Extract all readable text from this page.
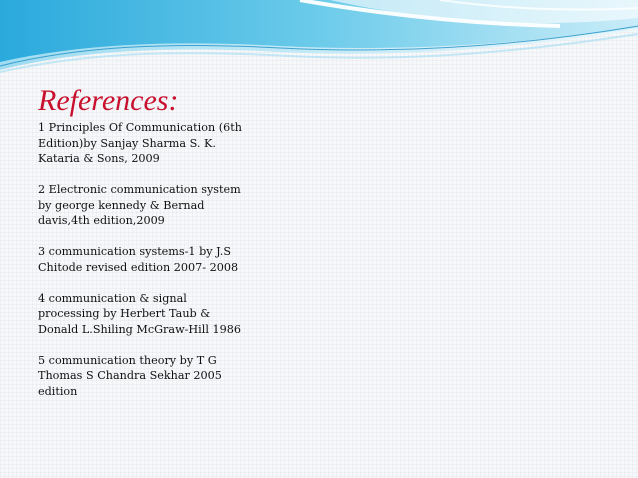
References:
1 Principles Of Communication (6th
Edition)by Sanjay Sharma S. K.
Kataria & Sons, 2009
2 Electronic communication system
by george kennedy & Bernad
davis,4th edition,2009
3 communication systems-1 by J.S
Chitode revised edition 2007- 2008
4 communication & signal
processing by Herbert Taub &
Donald L.Shiling McGraw-Hill 1986
5 communication theory by T G
Thomas S Chandra Sekhar 2005
edition
